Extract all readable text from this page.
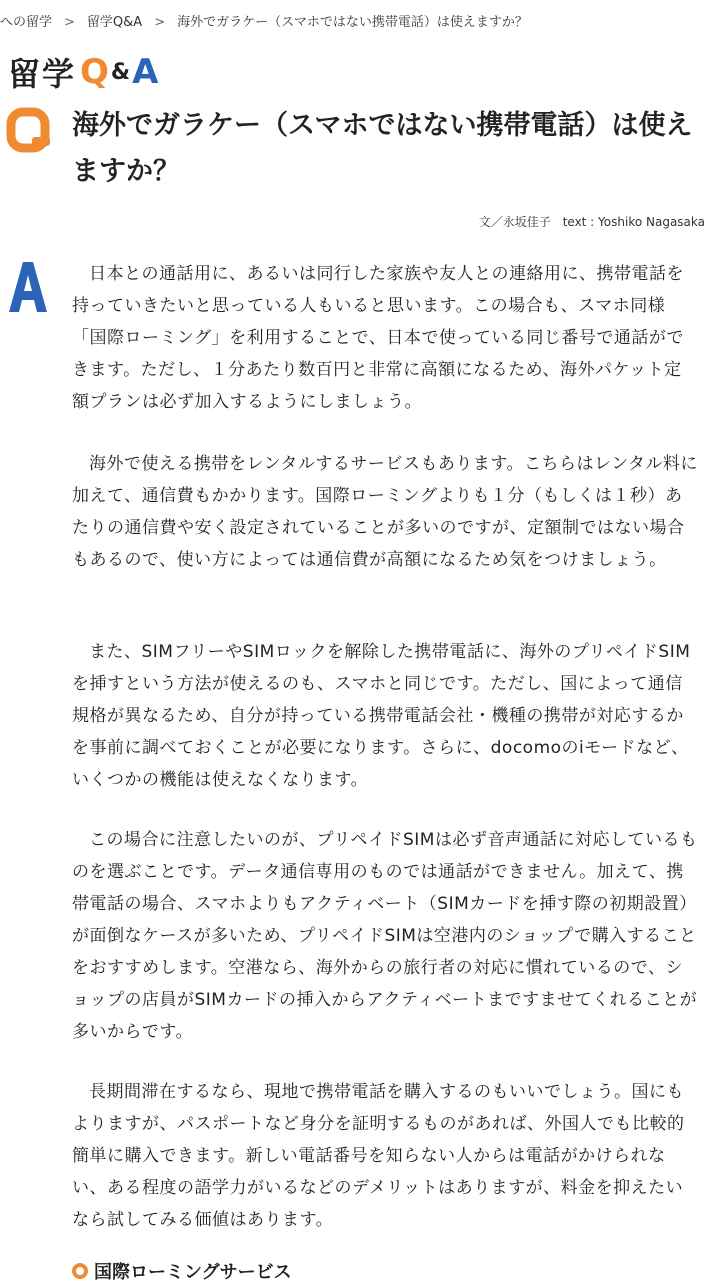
への留学 > 留学Q&A > 海外でガラケー（スマホではない携帯電話）は使えますか？
留学 Q & A
海外でガラケー（スマホではない携帯電話）は使えますか？
文／永坂佳子　text : Yoshiko Nagasaka

日本との通話用に、あるいは同行した家族や友人との連絡用に、携帯電話を持っていきたいと思っている人もいると思います。この場合も、スマホ同様「国際ローミング」を利用することで、日本で使っている同じ番号で通話ができます。ただし、１分あたり数百円と非常に高額になるため、海外パケット定額プランは必ず加入するようにしましょう。

海外で使える携帯をレンタルするサービスもあります。こちらはレンタル料に加えて、通信費もかかります。国際ローミングよりも１分（もしくは１秒）あたりの通信費や安く設定されていることが多いのですが、定額制ではない場合もあるので、使い方によっては通信費が高額になるため気をつけましょう。

また、SIMフリーやSIMロックを解除した携帯電話に、海外のプリペイドSIMを挿すという方法が使えるのも、スマホと同じです。ただし、国によって通信規格が異なるため、自分が持っている携帯電話会社・機種の携帯が対応するかを事前に調べておくことが必要になります。さらに、docomoのiモードなど、いくつかの機能は使えなくなります。

この場合に注意したいのが、プリペイドSIMは必ず音声通話に対応しているものを選ぶことです。データ通信専用のものでは通話ができません。加えて、携帯電話の場合、スマホよりもアクティベート（SIMカードを挿す際の初期設置）が面倒なケースが多いため、プリペイドSIMは空港内のショップで購入することをおすすめします。空港なら、海外からの旅行者の対応に慣れているので、ショップの店員がSIMカードの挿入からアクティベートまですませてくれることが多いからです。

長期間滞在するなら、現地で携帯電話を購入するのもいいでしょう。国にもよりますが、パスポートなど身分を証明するものがあれば、外国人でも比較的簡単に購入できます。新しい電話番号を知らない人からは電話がかけられない、ある程度の語学力がいるなどのデメリットはありますが、料金を抑えたいなら試してみる価値はあります。

国際ローミングサービス
